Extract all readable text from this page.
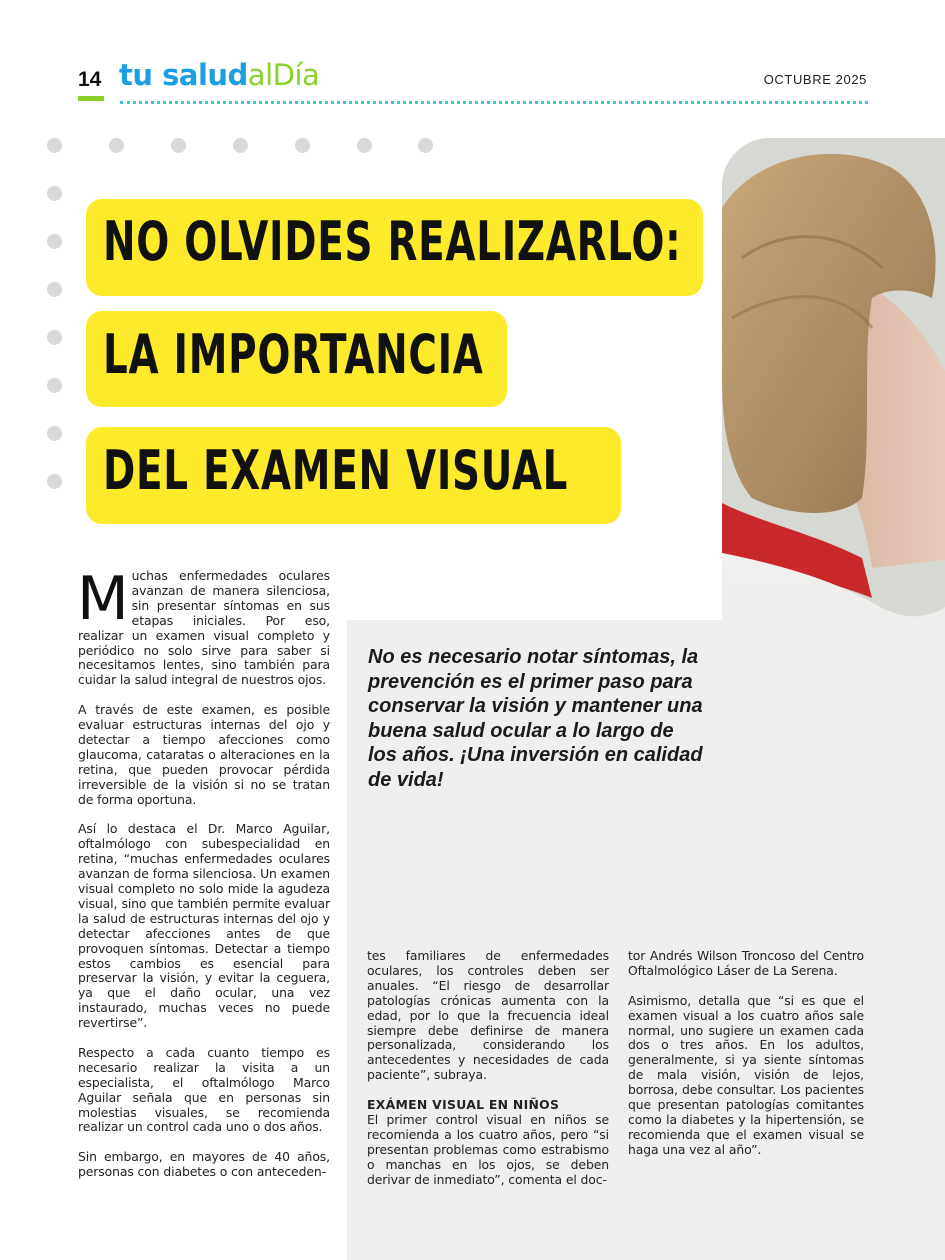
14 tu saludalDía	OCTUBRE 2025
NO OLVIDES REALIZARLO:
LA IMPORTANCIA
DEL EXAMEN VISUAL
No es necesario notar síntomas, la prevención es el primer paso para conservar la visión y mantener una buena salud ocular a lo largo de los años. ¡Una inversión en calidad de vida!

Muchas enfermedades oculares avanzan de manera silenciosa, sin presentar síntomas en sus etapas iniciales. Por eso, realizar un examen visual completo y periódico no solo sirve para saber si necesitamos lentes, sino también para cuidar la salud integral de nuestros ojos.

A través de este examen, es posible evaluar estructuras internas del ojo y detectar a tiempo afecciones como glaucoma, cataratas o alteraciones en la retina, que pueden provocar pérdida irreversible de la visión si no se tratan de forma oportuna.

Así lo destaca el Dr. Marco Aguilar, oftalmólogo con subespecialidad en retina, “muchas enfermedades oculares avanzan de forma silenciosa. Un examen visual completo no solo mide la agudeza visual, sino que también permite evaluar la salud de estructuras internas del ojo y detectar afecciones antes de que provoquen síntomas. Detectar a tiempo estos cambios es esencial para preservar la visión, y evitar la ceguera, ya que el daño ocular, una vez instaurado, muchas veces no puede revertirse”.

Respecto a cada cuanto tiempo es necesario realizar la visita a un especialista, el oftalmólogo Marco Aguilar señala que en personas sin molestias visuales, se recomienda realizar un control cada uno o dos años.

Sin embargo, en mayores de 40 años, personas con diabetes o con anteceden-

tes familiares de enfermedades oculares, los controles deben ser anuales. “El riesgo de desarrollar patologías crónicas aumenta con la edad, por lo que la frecuencia ideal siempre debe definirse de manera personalizada, considerando los antecedentes y necesidades de cada paciente”, subraya.

EXÁMEN VISUAL EN NIÑOS

El primer control visual en niños se recomienda a los cuatro años, pero “si presentan problemas como estrabismo o manchas en los ojos, se deben derivar de inmediato”, comenta el doc-

tor Andrés Wilson Troncoso del Centro Oftalmológico Láser de La Serena.

Asimismo, detalla que “si es que el examen visual a los cuatro años sale normal, uno sugiere un examen cada dos o tres años. En los adultos, generalmente, si ya siente síntomas de mala visión, visión de lejos, borrosa, debe consultar. Los pacientes que presentan patologías comitantes como la diabetes y la hipertensión, se recomienda que el examen visual se haga una vez al año”.
